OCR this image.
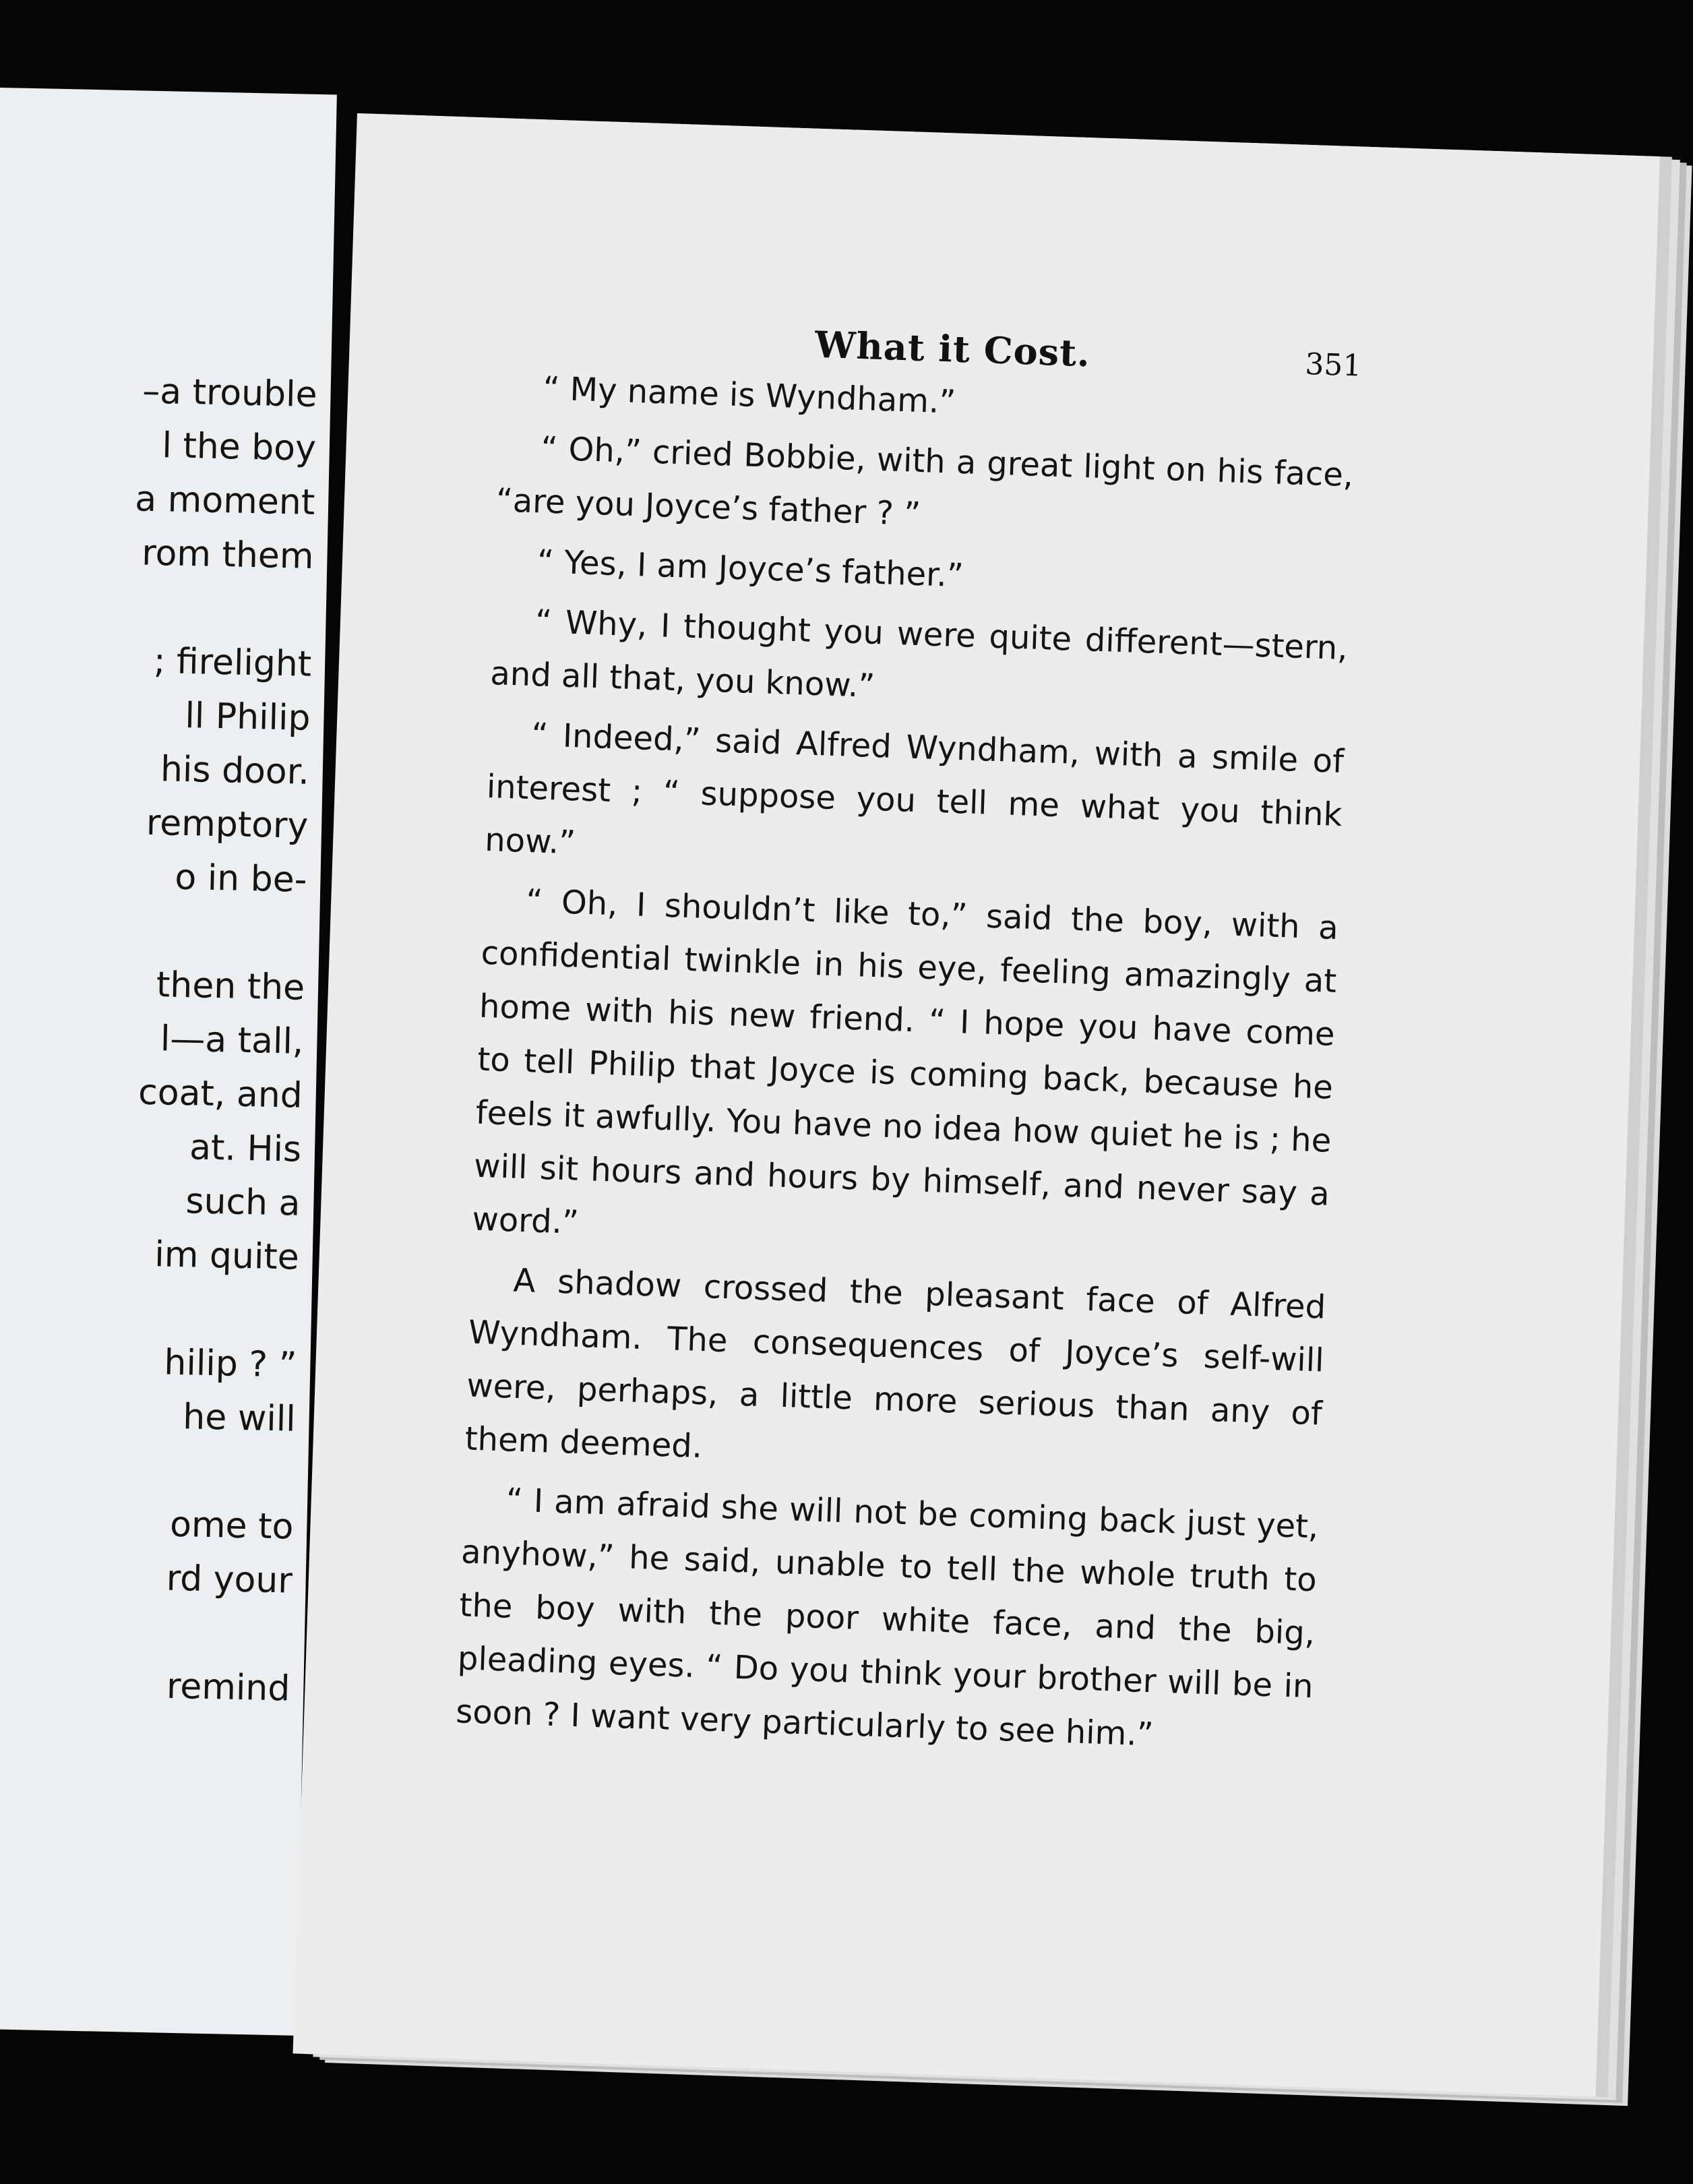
–a trouble
l the boy
a moment
rom them
; firelight
ll Philip
his door.
remptory
o in be-
then the
l—a tall,
coat, and
at. His
such a
im quite
hilip ? ”
he will
ome to
rd your
remind
What it Cost.	351

“ My name is Wyndham.”

“ Oh,” cried Bobbie, with a great light on his face, “are you Joyce’s father ? ”

“ Yes, I am Joyce’s father.”

“ Why, I thought you were quite different—stern, and all that, you know.”

“ Indeed,” said Alfred Wyndham, with a smile of interest ; “ suppose you tell me what you think now.”

“ Oh, I shouldn’t like to,” said the boy, with a confidential twinkle in his eye, feeling amazingly at home with his new friend. “ I hope you have come to tell Philip that Joyce is coming back, because he feels it awfully. You have no idea how quiet he is ; he will sit hours and hours by himself, and never say a word.”

A shadow crossed the pleasant face of Alfred Wyndham. The consequences of Joyce’s self-will were, perhaps, a little more serious than any of them deemed.

“ I am afraid she will not be coming back just yet, anyhow,” he said, unable to tell the whole truth to the boy with the poor white face, and the big, pleading eyes. “ Do you think your brother will be in soon ? I want very particularly to see him.”
